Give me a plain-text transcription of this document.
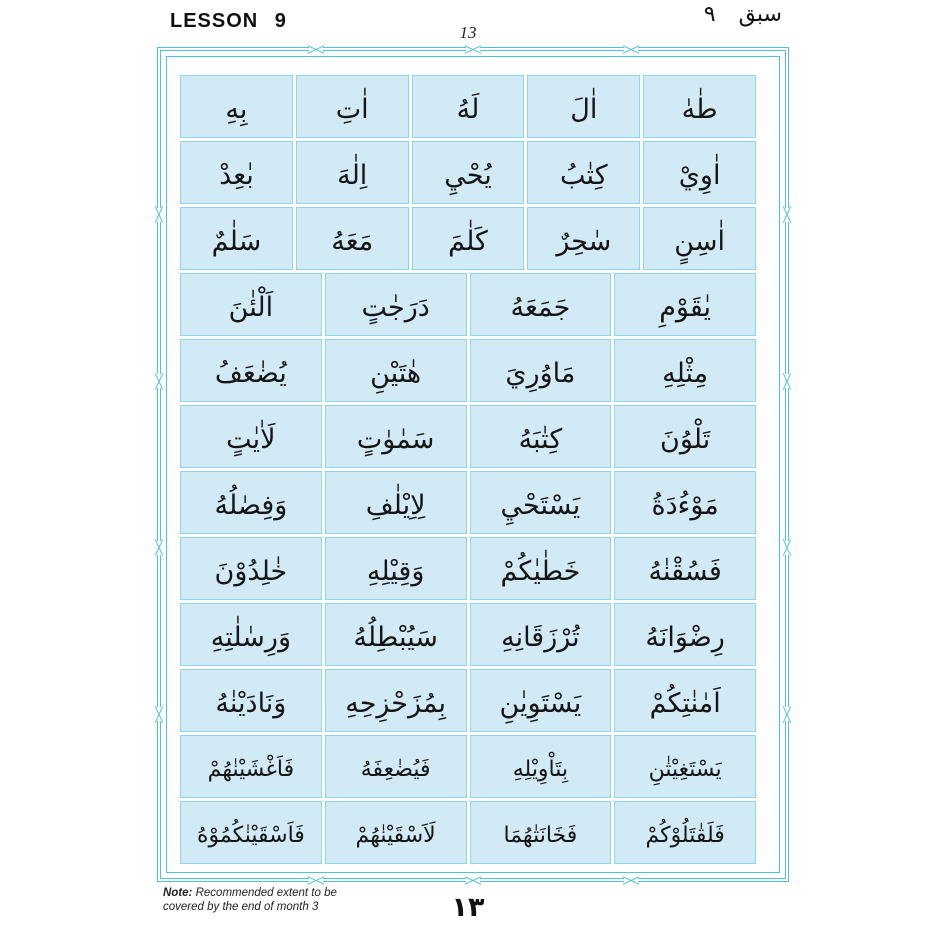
LESSON 9
13
سبق ٩
طٰهٰ
اٰلَ
لَهُ
اٰتِ
بِهِ
اٰوِيْ
كِتٰبُ
يُحْيِ
اِلٰهَ
بٰعِدْ
اٰسِنٍ
سٰحِرٌ
كَلٰمَ
مَعَهُ
سَلٰمٌ
يٰقَوْمِ
جَمَعَهُ
دَرَجٰتٍ
اَلْئٰنَ
مِثْلِهِ
مَاوُرِيَ
هٰتَيْنِ
يُضٰعَفُ
تَلْوُنَ
كِتٰبَهُ
سَمٰوٰتٍ
لَاٰيٰتٍ
مَوْءُدَةُ
يَسْتَحْيِ
لِاِيْلٰفِ
وَفِصٰلُهُ
فَسُقْنٰهُ
خَطٰيٰكُمْ
وَقِيْلِهِ
خٰلِدُوْنَ
رِضْوَانَهُ
تُرْزَقَانِهِ
سَيُبْطِلُهُ
وَرِسٰلٰتِهِ
اَمٰنٰتِكُمْ
يَسْتَوِيٰنِ
بِمُزَحْزِحِهِ
وَنَادَيْنٰهُ
يَسْتَغِيْثٰنِ
بِتَاْوِيْلِهِ
فَيُضٰعِفَهُ
فَاَغْشَيْنٰهُمْ
فَلَقٰتَلُوْكُمْ
فَخَانَتٰهُمَا
لَاَسْقَيْنٰهُمْ
فَاَسْقَيْنٰكُمُوْهُ
Note: Recommended extent to be covered by the end of month 3	١٣
